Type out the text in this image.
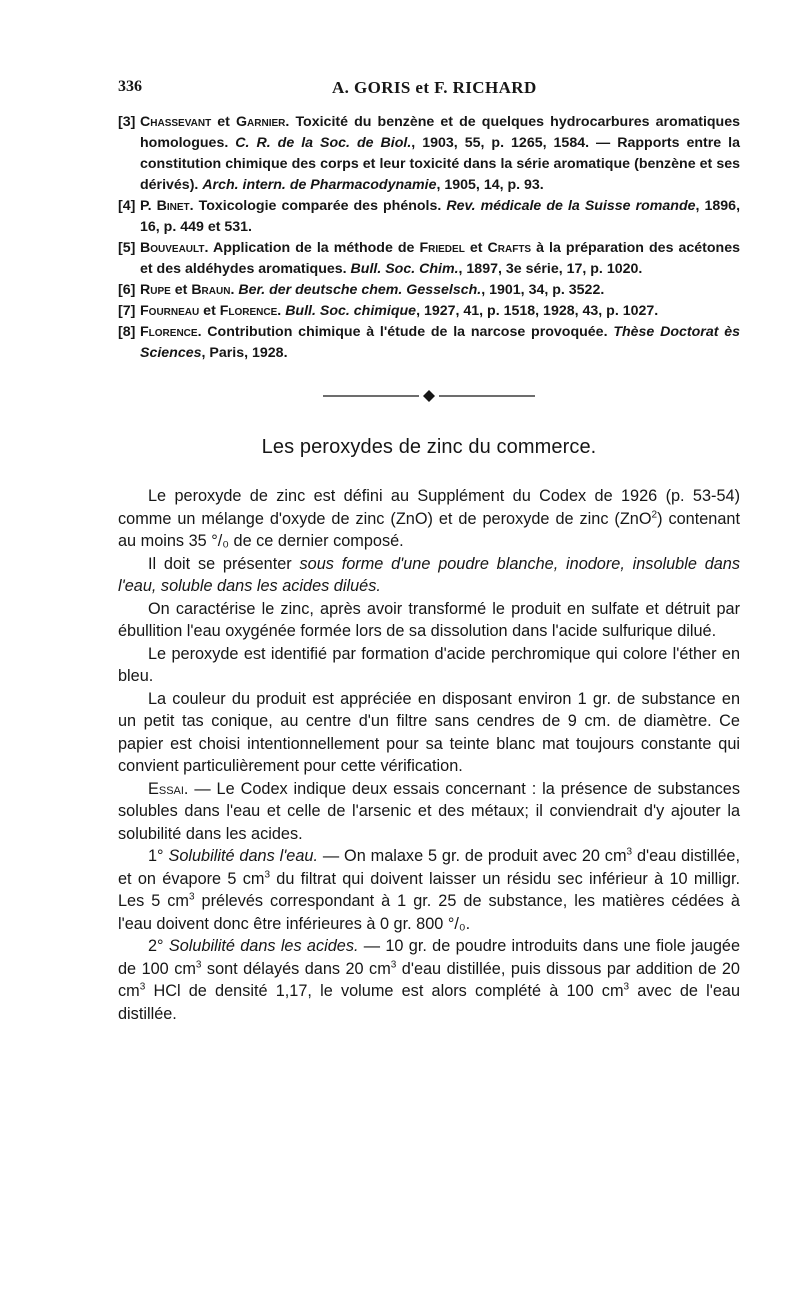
336	A. GORIS et F. RICHARD

[3] Chassevant et Garnier. Toxicité du benzène et de quelques hydrocarbures aromatiques homologues. C. R. de la Soc. de Biol., 1903, 55, p. 1265, 1584. — Rapports entre la constitution chimique des corps et leur toxicité dans la série aromatique (benzène et ses dérivés). Arch. intern. de Pharmacodynamie, 1905, 14, p. 93.

[4] P. Binet. Toxicologie comparée des phénols. Rev. médicale de la Suisse romande, 1896, 16, p. 449 et 531.

[5] Bouveault. Application de la méthode de Friedel et Crafts à la préparation des acétones et des aldéhydes aromatiques. Bull. Soc. Chim., 1897, 3e série, 17, p. 1020.

[6] Rupe et Braun. Ber. der deutsche chem. Gesselsch., 1901, 34, p. 3522.

[7] Fourneau et Florence. Bull. Soc. chimique, 1927, 41, p. 1518, 1928, 43, p. 1027.

[8] Florence. Contribution chimique à l'étude de la narcose provoquée. Thèse Doctorat ès Sciences, Paris, 1928.

Les peroxydes de zinc du commerce.

Le peroxyde de zinc est défini au Supplément du Codex de 1926 (p. 53-54) comme un mélange d'oxyde de zinc (ZnO) et de peroxyde de zinc (ZnO$^2$) contenant au moins 35 °/₀ de ce dernier composé.

Il doit se présenter sous forme d'une poudre blanche, inodore, insoluble dans l'eau, soluble dans les acides dilués.

On caractérise le zinc, après avoir transformé le produit en sulfate et détruit par ébullition l'eau oxygénée formée lors de sa dissolution dans l'acide sulfurique dilué.

Le peroxyde est identifié par formation d'acide perchromique qui colore l'éther en bleu.

La couleur du produit est appréciée en disposant environ 1 gr. de substance en un petit tas conique, au centre d'un filtre sans cendres de 9 cm. de diamètre. Ce papier est choisi intentionnellement pour sa teinte blanc mat toujours constante qui convient particulièrement pour cette vérification.

Essai. — Le Codex indique deux essais concernant : la présence de substances solubles dans l'eau et celle de l'arsenic et des métaux; il conviendrait d'y ajouter la solubilité dans les acides.

1° Solubilité dans l'eau. — On malaxe 5 gr. de produit avec 20 $cm^3$ d'eau distillée, et on évapore 5 $cm^3$ du filtrat qui doivent laisser un résidu sec inférieur à 10 milligr. Les 5 $cm^3$ prélevés correspondant à 1 gr. 25 de substance, les matières cédées à l'eau doivent donc être inférieures à 0 gr. 800 °/₀.

2° Solubilité dans les acides. — 10 gr. de poudre introduits dans une fiole jaugée de 100 $cm^3$ sont délayés dans 20 $cm^3$ d'eau distillée, puis dissous par addition de 20 $cm^3$ HCl de densité 1,17, le volume est alors complété à 100 $cm^3$ avec de l'eau distillée.
